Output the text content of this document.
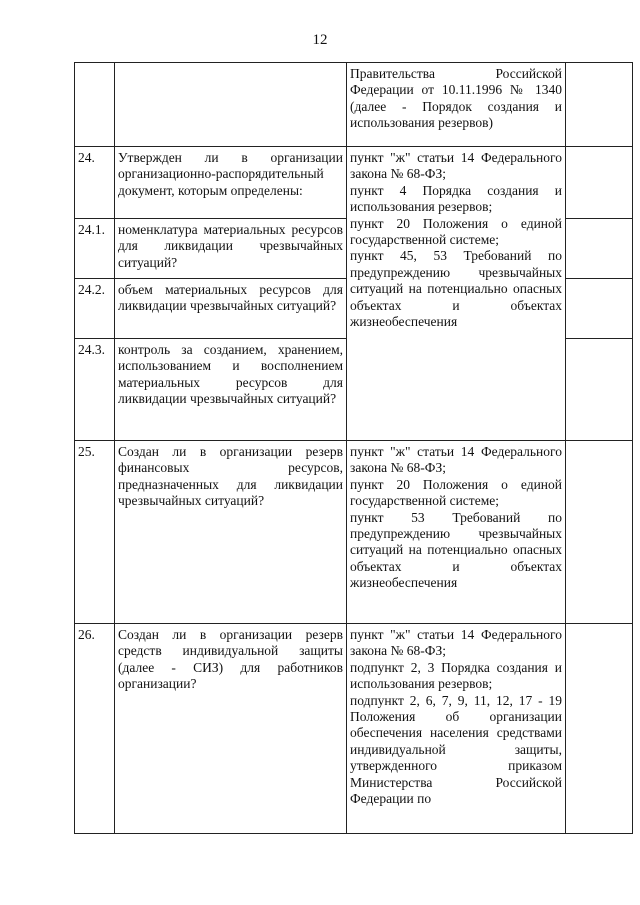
12

		Правительства Российской Федерации от 10.11.1996 № 1340 (далее - Порядок создания и использования резервов)	

24.	Утвержден ли в организации организационно-распорядительный документ, которым определены:	пункт "ж" статьи 14 Федерального закона № 68-ФЗ;
пункт 4 Порядка создания и использования резервов;
пункт 20 Положения о единой государственной системе;
пункт 45, 53 Требований по предупреждению чрезвычайных ситуаций на потенциально опасных объектах и объектах жизнеобеспечения	

24.1.	номенклатура материальных ресурсов для ликвидации чрезвычайных ситуаций?		
24.2.	объем материальных ресурсов для ликвидации чрезвычайных ситуаций?		
24.3.	контроль за созданием, хранением, использованием и восполнением материальных ресурсов для ликвидации чрезвычайных ситуаций?		
25.	Создан ли в организации резерв финансовых ресурсов, предназначенных для ликвидации чрезвычайных ситуаций?	пункт "ж" статьи 14 Федерального закона № 68-ФЗ;
пункт 20 Положения о единой государственной системе;
пункт 53 Требований по предупреждению чрезвычайных ситуаций на потенциально опасных объектах и объектах жизнеобеспечения	

26.	Создан ли в организации резерв средств индивидуальной защиты (далее - СИЗ) для работников организации?	пункт "ж" статьи 14 Федерального закона № 68-ФЗ;
подпункт 2, 3 Порядка создания и использования резервов;
подпункт 2, 6, 7, 9, 11, 12, 17 - 19 Положения об организации обеспечения населения средствами индивидуальной защиты, утвержденного приказом Министерства Российской Федерации по	
